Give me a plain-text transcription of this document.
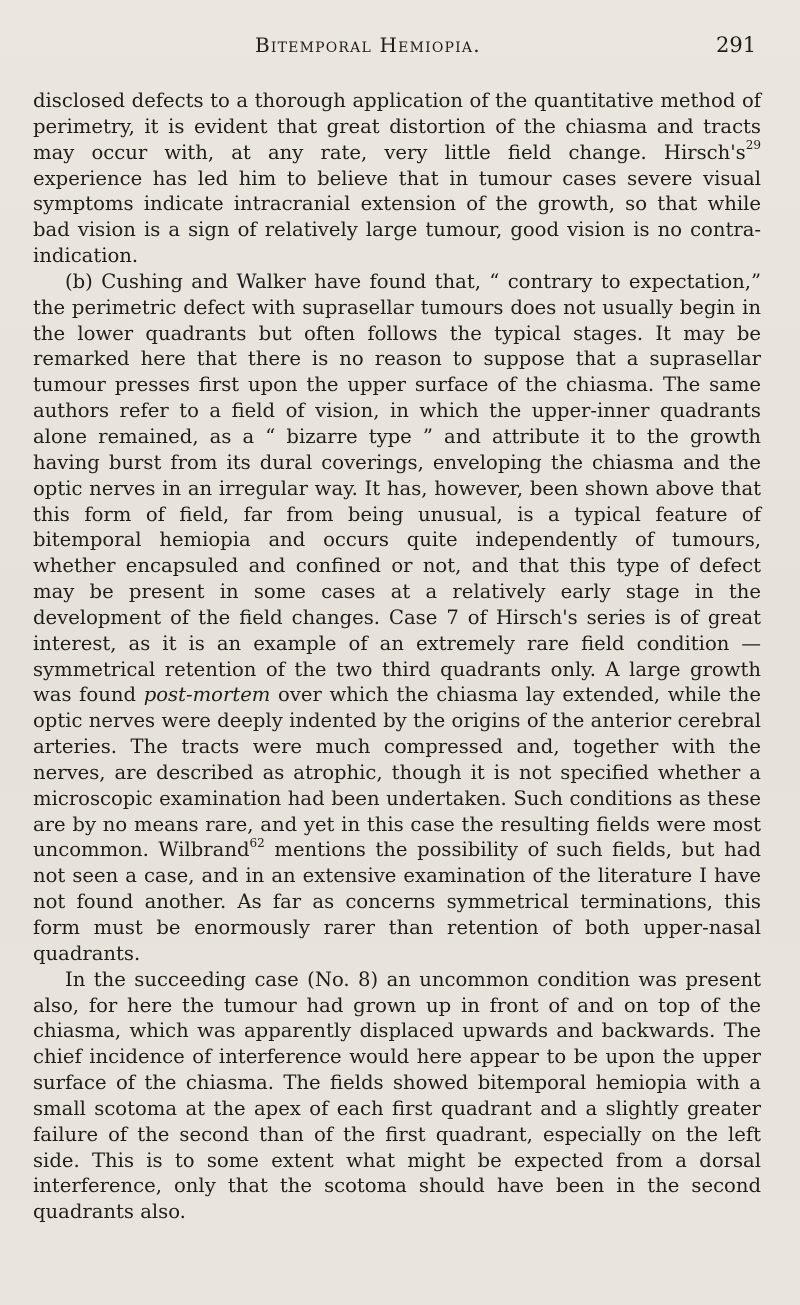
Bitemporal Hemiopia.	291

disclosed defects to a thorough application of the quantitative method of perimetry, it is evident that great distortion of the chiasma and tracts may occur with, at any rate, very little field change. $Hirsch's^{29}$ experience has led him to believe that in tumour cases severe visual symptoms indicate intracranial extension of the growth, so that while bad vision is a sign of relatively large tumour, good vision is no contra-indication.

(b) Cushing and Walker have found that, “ contrary to expectation,” the perimetric defect with suprasellar tumours does not usually begin in the lower quadrants but often follows the typical stages. It may be remarked here that there is no reason to suppose that a suprasellar tumour presses first upon the upper surface of the chiasma. The same authors refer to a field of vision, in which the upper-inner quadrants alone remained, as a “ bizarre type ” and attribute it to the growth having burst from its dural coverings, enveloping the chiasma and the optic nerves in an irregular way. It has, however, been shown above that this form of field, far from being unusual, is a typical feature of bitemporal hemiopia and occurs quite independently of tumours, whether encapsuled and confined or not, and that this type of defect may be present in some cases at a relatively early stage in the development of the field changes. Case 7 of Hirsch's series is of great interest, as it is an example of an extremely rare field condition —symmetrical retention of the two third quadrants only. A large growth was found post-mortem over which the chiasma lay extended, while the optic nerves were deeply indented by the origins of the anterior cerebral arteries. The tracts were much compressed and, together with the nerves, are described as atrophic, though it is not specified whether a microscopic examination had been undertaken. Such conditions as these are by no means rare, and yet in this case the resulting fields were most uncommon. Wilbrand$^{62}$ mentions the possibility of such fields, but had not seen a case, and in an extensive examination of the literature I have not found another. As far as concerns symmetrical terminations, this form must be enormously rarer than retention of both upper-nasal quadrants.

In the succeeding case (No. 8) an uncommon condition was present also, for here the tumour had grown up in front of and on top of the chiasma, which was apparently displaced upwards and backwards. The chief incidence of interference would here appear to be upon the upper surface of the chiasma. The fields showed bitemporal hemiopia with a small scotoma at the apex of each first quadrant and a slightly greater failure of the second than of the first quadrant, especially on the left side. This is to some extent what might be expected from a dorsal interference, only that the scotoma should have been in the second quadrants also.
